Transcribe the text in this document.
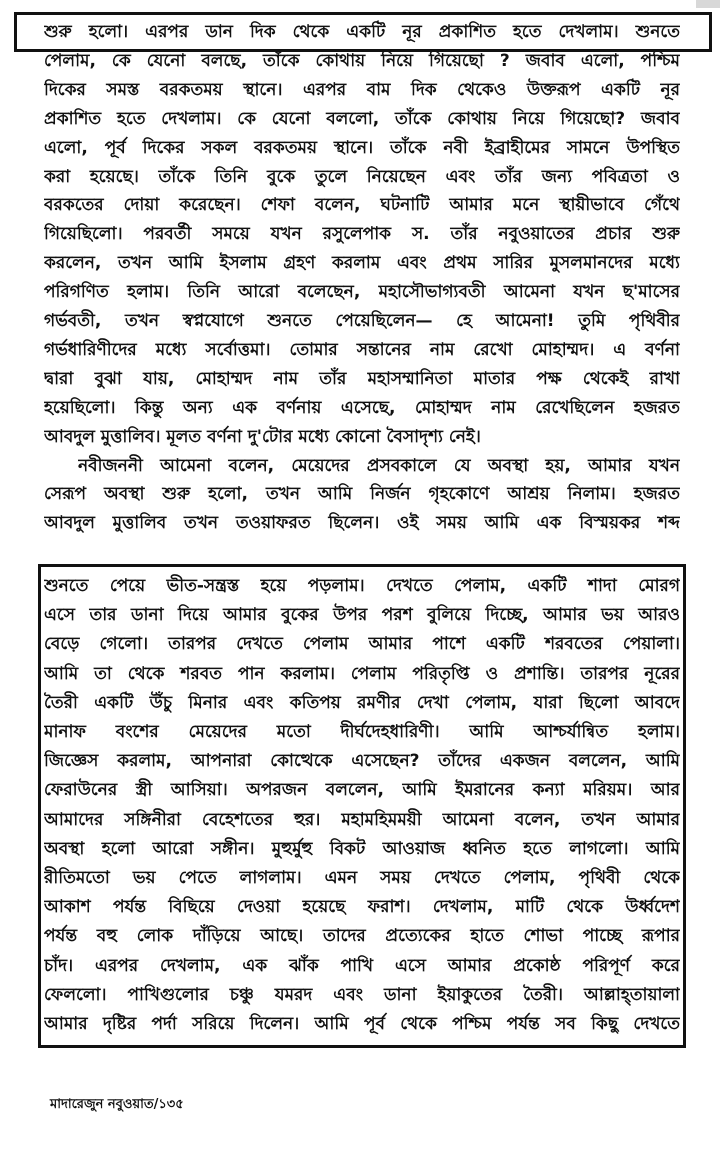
শুরু হলো। এরপর ডান দিক থেকে একটি নূর প্রকাশিত হতে দেখলাম। শুনতে
পেলাম, কে যেনো বলছে, তাঁকে কোথায় নিয়ে গিয়েছো ? জবাব এলো, পশ্চিম
দিকের সমস্ত বরকতময় স্থানে। এরপর বাম দিক থেকেও উক্তরূপ একটি নূর
প্রকাশিত হতে দেখলাম। কে যেনো বললো, তাঁকে কোথায় নিয়ে গিয়েছো? জবাব
এলো, পূর্ব দিকের সকল বরকতময় স্থানে। তাঁকে নবী ইব্রাহীমের সামনে উপস্থিত
করা হয়েছে। তাঁকে তিনি বুকে তুলে নিয়েছেন এবং তাঁর জন্য পবিত্রতা ও
বরকতের দোয়া করেছেন। শেফা বলেন, ঘটনাটি আমার মনে স্থায়ীভাবে গেঁথে
গিয়েছিলো। পরবর্তী সময়ে যখন রসুলেপাক স. তাঁর নবুওয়াতের প্রচার শুরু
করলেন, তখন আমি ইসলাম গ্রহণ করলাম এবং প্রথম সারির মুসলমানদের মধ্যে
পরিগণিত হলাম। তিনি আরো বলেছেন, মহাসৌভাগ্যবতী আমেনা যখন ছ'মাসের
গর্ভবতী, তখন স্বপ্নযোগে শুনতে পেয়েছিলেন— হে আমেনা! তুমি পৃথিবীর
গর্ভধারিণীদের মধ্যে সর্বোত্তমা। তোমার সন্তানের নাম রেখো মোহাম্মদ। এ বর্ণনা
দ্বারা বুঝা যায়, মোহাম্মদ নাম তাঁর মহাসম্মানিতা মাতার পক্ষ থেকেই রাখা
হয়েছিলো। কিন্তু অন্য এক বর্ণনায় এসেছে, মোহাম্মদ নাম রেখেছিলেন হজরত
আবদুল মুত্তালিব। মূলত বর্ণনা দু'টোর মধ্যে কোনো বৈসাদৃশ্য নেই।
নবীজননী আমেনা বলেন, মেয়েদের প্রসবকালে যে অবস্থা হয়, আমার যখন
সেরূপ অবস্থা শুরু হলো, তখন আমি নির্জন গৃহকোণে আশ্রয় নিলাম। হজরত
আবদুল মুত্তালিব তখন তওয়াফরত ছিলেন। ওই সময় আমি এক বিস্ময়কর শব্দ
শুনতে পেয়ে ভীত-সন্ত্রস্ত হয়ে পড়লাম। দেখতে পেলাম, একটি শাদা মোরগ
এসে তার ডানা দিয়ে আমার বুকের উপর পরশ বুলিয়ে দিচ্ছে, আমার ভয় আরও
বেড়ে গেলো। তারপর দেখতে পেলাম আমার পাশে একটি শরবতের পেয়ালা।
আমি তা থেকে শরবত পান করলাম। পেলাম পরিতৃপ্তি ও প্রশান্তি। তারপর নূরের
তৈরী একটি উঁচু মিনার এবং কতিপয় রমণীর দেখা পেলাম, যারা ছিলো আবদে
মানাফ বংশের মেয়েদের মতো দীর্ঘদেহধারিণী। আমি আশ্চর্যান্বিত হলাম।
জিজ্ঞেস করলাম, আপনারা কোত্থেকে এসেছেন? তাঁদের একজন বললেন, আমি
ফেরাউনের স্ত্রী আসিয়া। অপরজন বললেন, আমি ইমরানের কন্যা মরিয়ম। আর
আমাদের সঙ্গিনীরা বেহেশতের হুর। মহামহিমময়ী আমেনা বলেন, তখন আমার
অবস্থা হলো আরো সঙ্গীন। মুহুর্মুহু বিকট আওয়াজ ধ্বনিত হতে লাগলো। আমি
রীতিমতো ভয় পেতে লাগলাম। এমন সময় দেখতে পেলাম, পৃথিবী থেকে
আকাশ পর্যন্ত বিছিয়ে দেওয়া হয়েছে ফরাশ। দেখলাম, মাটি থেকে উর্ধ্বদেশ
পর্যন্ত বহু লোক দাঁড়িয়ে আছে। তাদের প্রত্যেকের হাতে শোভা পাচ্ছে রূপার
চাঁদ। এরপর দেখলাম, এক ঝাঁক পাখি এসে আমার প্রকোষ্ঠ পরিপূর্ণ করে
ফেললো। পাখিগুলোর চঞ্চু যমরদ এবং ডানা ইয়াকুতের তৈরী। আল্লাহ্‌তায়ালা
আমার দৃষ্টির পর্দা সরিয়ে দিলেন। আমি পূর্ব থেকে পশ্চিম পর্যন্ত সব কিছু দেখতে
মাদারেজুন নবুওয়াত/১৩৫
